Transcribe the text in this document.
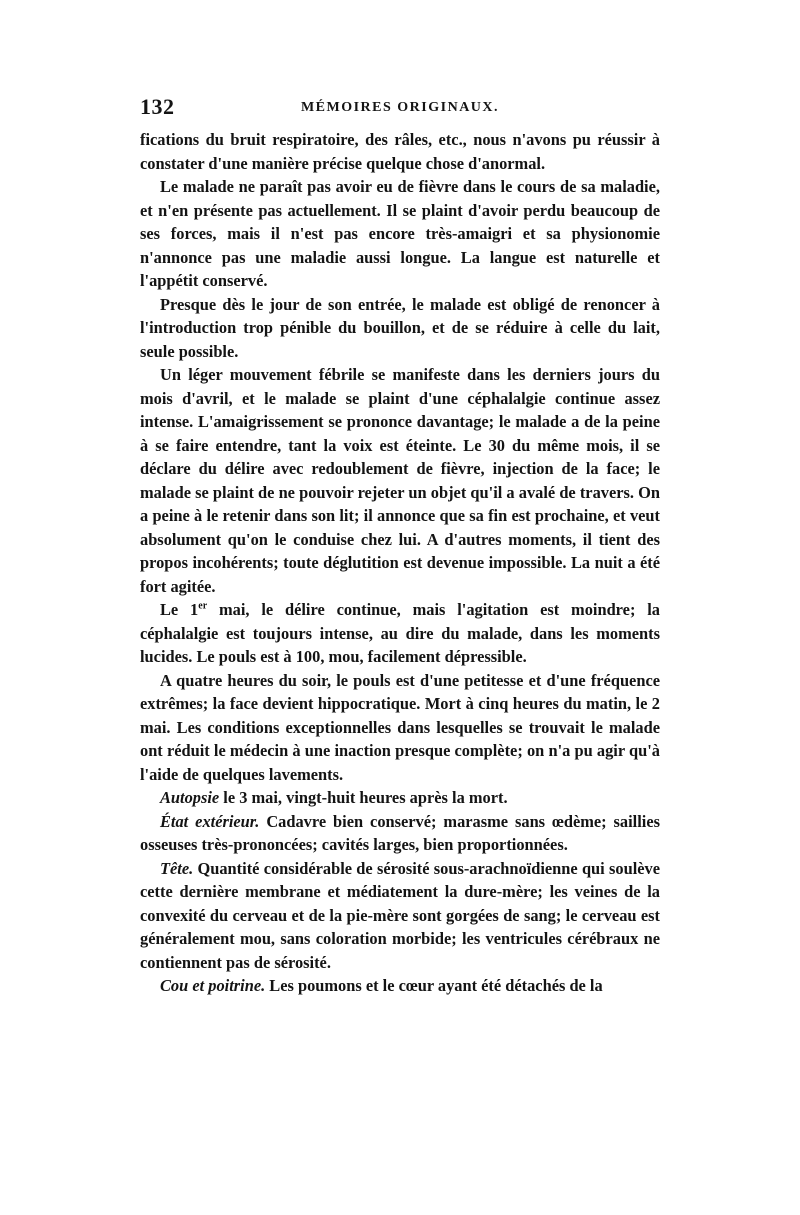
132	MÉMOIRES ORIGINAUX.

fications du bruit respiratoire, des râles, etc., nous n'avons pu réussir à constater d'une manière précise quelque chose d'anormal.

Le malade ne paraît pas avoir eu de fièvre dans le cours de sa maladie, et n'en présente pas actuellement. Il se plaint d'avoir perdu beaucoup de ses forces, mais il n'est pas encore très-amaigri et sa physionomie n'annonce pas une maladie aussi longue. La langue est naturelle et l'appétit conservé.

Presque dès le jour de son entrée, le malade est obligé de renoncer à l'introduction trop pénible du bouillon, et de se réduire à celle du lait, seule possible.

Un léger mouvement fébrile se manifeste dans les derniers jours du mois d'avril, et le malade se plaint d'une céphalalgie continue assez intense. L'amaigrissement se prononce davantage; le malade a de la peine à se faire entendre, tant la voix est éteinte. Le 30 du même mois, il se déclare du délire avec redoublement de fièvre, injection de la face; le malade se plaint de ne pouvoir rejeter un objet qu'il a avalé de travers. On a peine à le retenir dans son lit; il annonce que sa fin est prochaine, et veut absolument qu'on le conduise chez lui. A d'autres moments, il tient des propos incohérents; toute déglutition est devenue impossible. La nuit a été fort agitée.

Le 1er mai, le délire continue, mais l'agitation est moindre; la céphalalgie est toujours intense, au dire du malade, dans les moments lucides. Le pouls est à 100, mou, facilement dépressible.

A quatre heures du soir, le pouls est d'une petitesse et d'une fréquence extrêmes; la face devient hippocratique. Mort à cinq heures du matin, le 2 mai. Les conditions exceptionnelles dans lesquelles se trouvait le malade ont réduit le médecin à une inaction presque complète; on n'a pu agir qu'à l'aide de quelques lavements.

Autopsie le 3 mai, vingt-huit heures après la mort.

État extérieur. Cadavre bien conservé; marasme sans œdème; saillies osseuses très-prononcées; cavités larges, bien proportionnées.

Tête. Quantité considérable de sérosité sous-arachnoïdienne qui soulève cette dernière membrane et médiatement la dure-mère; les veines de la convexité du cerveau et de la pie-mère sont gorgées de sang; le cerveau est généralement mou, sans coloration morbide; les ventricules cérébraux ne contiennent pas de sérosité.

Cou et poitrine. Les poumons et le cœur ayant été détachés de la
